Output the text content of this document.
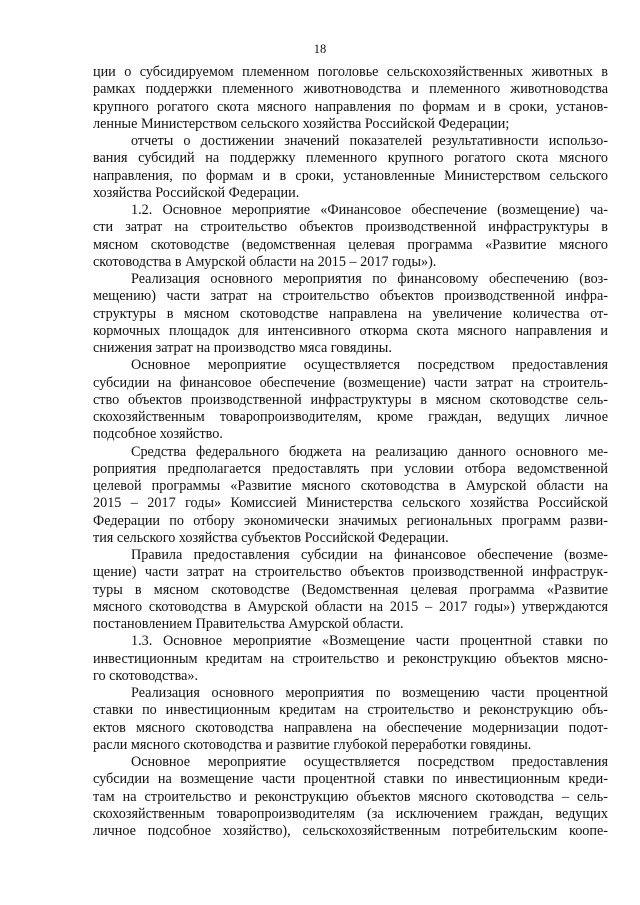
18
ции о субсидируемом племенном поголовье сельскохозяйственных животных в
рамках поддержки племенного животноводства и племенного животноводства
крупного рогатого скота мясного направления по формам и в сроки, установ-
ленные Министерством сельского хозяйства Российской Федерации;
отчеты о достижении значений показателей результативности использо-
вания субсидий на поддержку племенного крупного рогатого скота мясного
направления, по формам и в сроки, установленные Министерством сельского
хозяйства Российской Федерации.
1.2. Основное мероприятие «Финансовое обеспечение (возмещение) ча-
сти затрат на строительство объектов производственной инфраструктуры в
мясном скотоводстве (ведомственная целевая программа «Развитие мясного
скотоводства в Амурской области на 2015 – 2017 годы»).
Реализация основного мероприятия по финансовому обеспечению (воз-
мещению) части затрат на строительство объектов производственной инфра-
структуры в мясном скотоводстве направлена на увеличение количества от-
кормочных площадок для интенсивного откорма скота мясного направления и
снижения затрат на производство мяса говядины.
Основное мероприятие осуществляется посредством предоставления
субсидии на финансовое обеспечение (возмещение) части затрат на строитель-
ство объектов производственной инфраструктуры в мясном скотоводстве сель-
скохозяйственным товаропроизводителям, кроме граждан, ведущих личное
подсобное хозяйство.
Средства федерального бюджета на реализацию данного основного ме-
роприятия предполагается предоставлять при условии отбора ведомственной
целевой программы «Развитие мясного скотоводства в Амурской области на
2015 – 2017 годы» Комиссией Министерства сельского хозяйства Российской
Федерации по отбору экономически значимых региональных программ разви-
тия сельского хозяйства субъектов Российской Федерации.
Правила предоставления субсидии на финансовое обеспечение (возме-
щение) части затрат на строительство объектов производственной инфраструк-
туры в мясном скотоводстве (Ведомственная целевая программа «Развитие
мясного скотоводства в Амурской области на 2015 – 2017 годы») утверждаются
постановлением Правительства Амурской области.
1.3. Основное мероприятие «Возмещение части процентной ставки по
инвестиционным кредитам на строительство и реконструкцию объектов мясно-
го скотоводства».
Реализация основного мероприятия по возмещению части процентной
ставки по инвестиционным кредитам на строительство и реконструкцию объ-
ектов мясного скотоводства направлена на обеспечение модернизации подот-
расли мясного скотоводства и развитие глубокой переработки говядины.
Основное мероприятие осуществляется посредством предоставления
субсидии на возмещение части процентной ставки по инвестиционным креди-
там на строительство и реконструкцию объектов мясного скотоводства – сель-
скохозяйственным товаропроизводителям (за исключением граждан, ведущих
личное подсобное хозяйство), сельскохозяйственным потребительским коопе-
